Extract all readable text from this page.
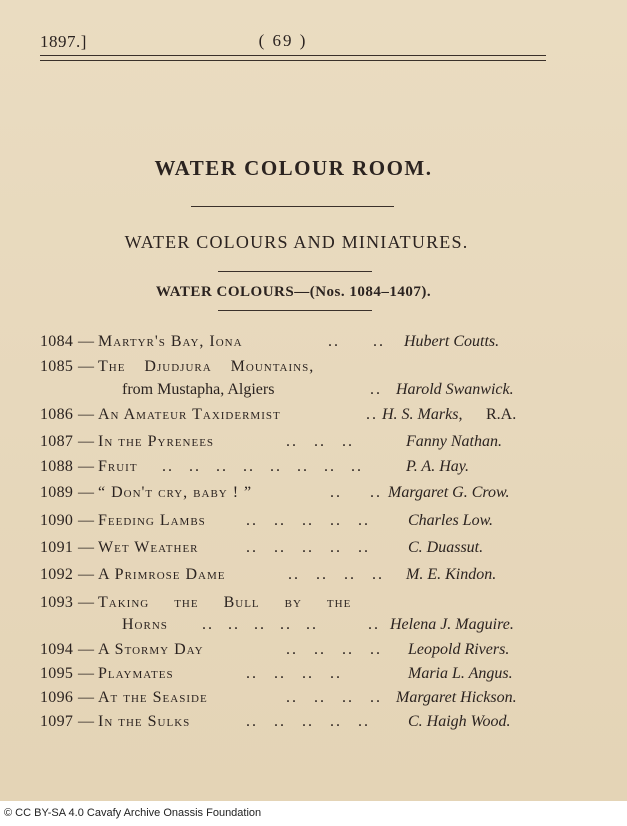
1897.]	( 69 )
WATER COLOUR ROOM.
WATER COLOURS AND MINIATURES.
WATER COLOURS—(Nos. 1084–1407).
1084 — Martyr's Bay, Iona	.. .. Hubert Coutts.
1085 — The Djudjura Mountains,
from Mustapha, Algiers	.. Harold Swanwick.
1086 — An Amateur Taxidermist	.. H. S. Marks, R.A.
1087 — In the Pyrenees	.. .. ..	Fanny Nathan.
1088 — Fruit .. .. .. .. .. .. .. ..	P. A. Hay.
1089 — “ Don't cry, baby ! ”	.. .. Margaret G. Crow.
1090 — Feeding Lambs	.. .. .. .. .. Charles Low.
1091 — Wet Weather	.. .. .. .. .. C. Duassut.
1092 — A Primrose Dame	.. .. .. .. M. E. Kindon.
1093 — Taking the Bull by the
Horns .. .. .. .. ..	.. Helena J. Maguire.
1094 — A Stormy Day	.. .. .. .. Leopold Rivers.
1095 — Playmates	.. .. .. ..	Maria L. Angus.
1096 — At the Seaside	.. .. .. .. Margaret Hickson.
1097 — In the Sulks	.. .. .. .. .. C. Haigh Wood.
© CC BY-SA 4.0 Cavafy Archive Onassis Foundation
